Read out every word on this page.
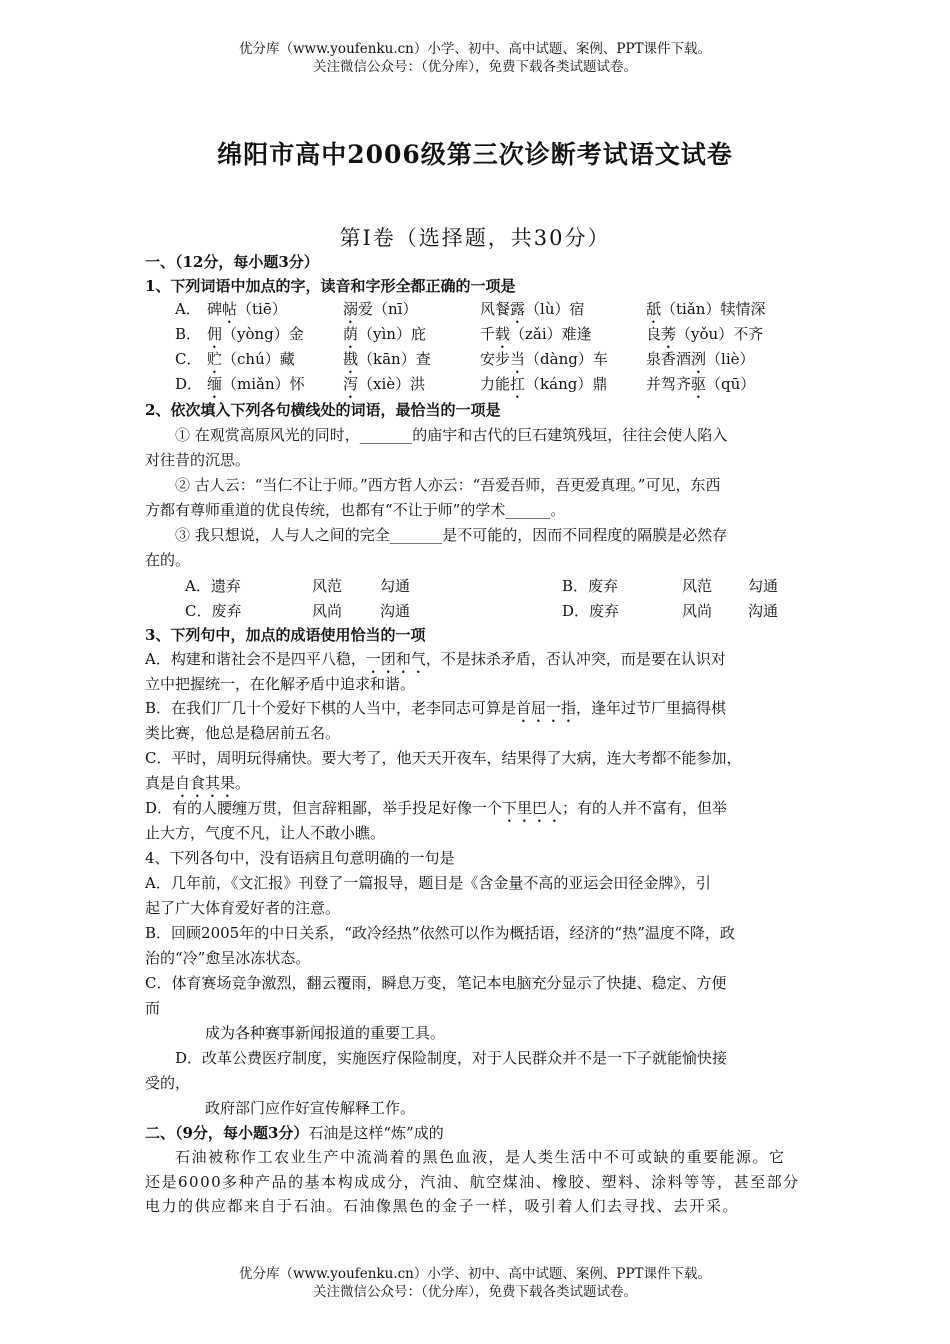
优分库（www.youfenku.cn）小学、初中、高中试题、案例、PPT课件下载。
关注微信公众号：（优分库），免费下载各类试题试卷。
绵阳市高中2006级第三次诊断考试语文试卷
第Ⅰ卷（选择题，共30分）
一、（12分，每小题3分）
1、下列词语中加点的字，读音和字形全都正确的一项是
A． 碑帖（tiē）	溺爱（nī）	风餐露（lù）宿	舐（tiǎn）犊情深
B． 佣（yòng）金	荫（yìn）庇	千载（zǎi）难逢	良莠（yǒu）不齐
C． 贮（chú）藏	戡（kān）查	安步当（dàng）车	泉香酒洌（liè）
D． 缅（miǎn）怀	泻（xiè）洪	力能扛（káng）鼎	并驾齐驱（qū）
2、依次填入下列各句横线处的词语，最恰当的一项是
① 在观赏高原风光的同时，_______的庙宇和古代的巨石建筑残垣，往往会使人陷入
对往昔的沉思。
② 古人云：“当仁不让于师。”西方哲人亦云：“吾爱吾师，吾更爱真理。”可见，东西
方都有尊师重道的优良传统，也都有“不让于师”的学术______。
③ 我只想说，人与人之间的完全_______是不可能的，因而不同程度的隔膜是必然存
在的。
A．遗弃	风范	勾通	B．废弃	风范 勾通
C．废弃	风尚	沟通	D．废弃	风尚 沟通
3、下列句中，加点的成语使用恰当的一项
A．构建和谐社会不是四平八稳，一团和气，不是抹杀矛盾，否认冲突，而是要在认识对
立中把握统一，在化解矛盾中追求和谐。
B．在我们厂几十个爱好下棋的人当中，老李同志可算是首屈一指，逢年过节厂里搞得棋
类比赛，他总是稳居前五名。
C．平时，周明玩得痛快。要大考了，他天天开夜车，结果得了大病，连大考都不能参加，
真是自食其果。
D．有的人腰缠万贯，但言辞粗鄙，举手投足好像一个下里巴人；有的人并不富有，但举
止大方，气度不凡，让人不敢小瞧。
4、下列各句中，没有语病且句意明确的一句是
A．几年前，《文汇报》刊登了一篇报导，题目是《含金量不高的亚运会田径金牌》，引
起了广大体育爱好者的注意。
B．回顾2005年的中日关系，“政冷经热”依然可以作为概括语，经济的“热”温度不降，政
治的“冷”愈呈冰冻状态。
C．体育赛场竞争激烈，翻云覆雨，瞬息万变，笔记本电脑充分显示了快捷、稳定、方便
而
成为各种赛事新闻报道的重要工具。
D．改革公费医疗制度，实施医疗保险制度，对于人民群众并不是一下子就能愉快接
受的，
政府部门应作好宣传解释工作。
二、（9分，每小题3分）石油是这样“炼”成的
石油被称作工农业生产中流淌着的黑色血液，是人类生活中不可或缺的重要能源。它
还是6000多种产品的基本构成成分，汽油、航空煤油、橡胶、塑料、涂料等等，甚至部分
电力的供应都来自于石油。石油像黑色的金子一样，吸引着人们去寻找、去开采。
优分库（www.youfenku.cn）小学、初中、高中试题、案例、PPT课件下载。
关注微信公众号：（优分库），免费下载各类试题试卷。
